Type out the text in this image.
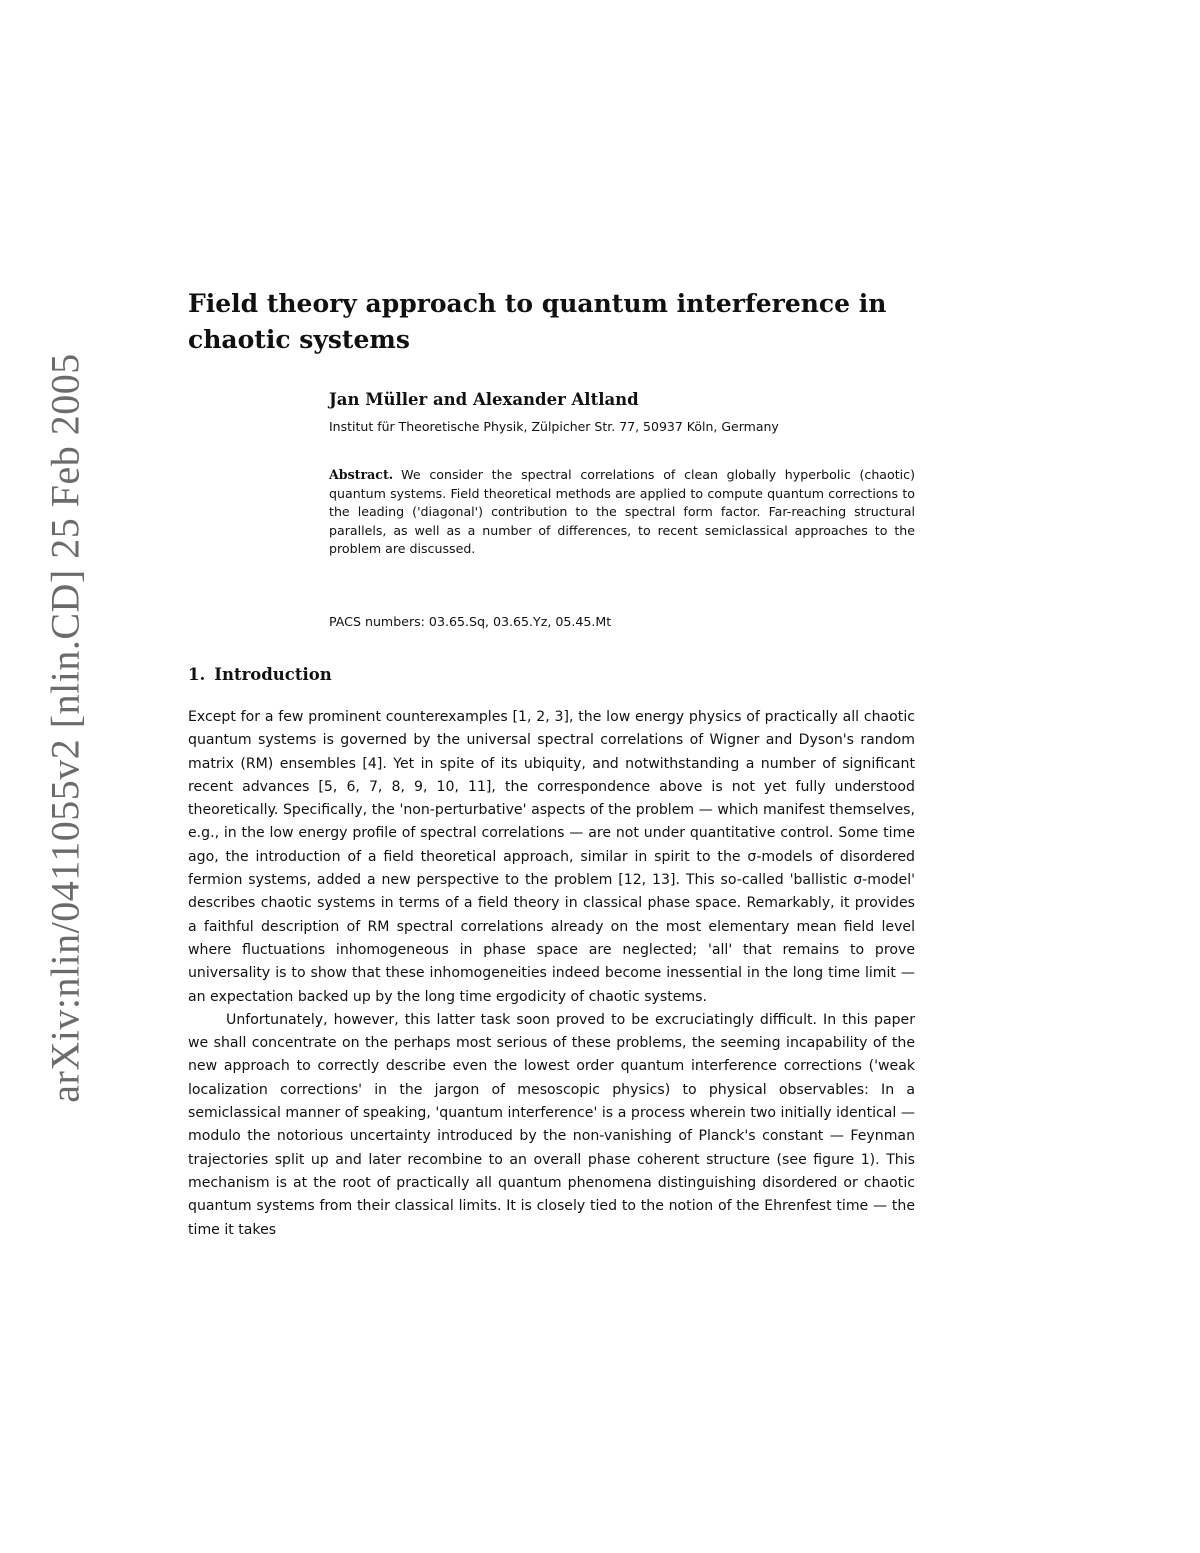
arXiv:nlin/0411055v2 [nlin.CD] 25 Feb 2005
Field theory approach to quantum interference in chaotic systems
Jan Müller and Alexander Altland
Institut für Theoretische Physik, Zülpicher Str. 77, 50937 Köln, Germany
Abstract. We consider the spectral correlations of clean globally hyperbolic (chaotic) quantum systems. Field theoretical methods are applied to compute quantum corrections to the leading ('diagonal') contribution to the spectral form factor. Far-reaching structural parallels, as well as a number of differences, to recent semiclassical approaches to the problem are discussed.
PACS numbers: 03.65.Sq, 03.65.Yz, 05.45.Mt
1. Introduction

Except for a few prominent counterexamples [1, 2, 3], the low energy physics of practically all chaotic quantum systems is governed by the universal spectral correlations of Wigner and Dyson's random matrix (RM) ensembles [4]. Yet in spite of its ubiquity, and notwithstanding a number of significant recent advances [5, 6, 7, 8, 9, 10, 11], the correspondence above is not yet fully understood theoretically. Specifically, the 'non-perturbative' aspects of the problem — which manifest themselves, e.g., in the low energy profile of spectral correlations — are not under quantitative control. Some time ago, the introduction of a field theoretical approach, similar in spirit to the σ-models of disordered fermion systems, added a new perspective to the problem [12, 13]. This so-called 'ballistic σ-model' describes chaotic systems in terms of a field theory in classical phase space. Remarkably, it provides a faithful description of RM spectral correlations already on the most elementary mean field level where fluctuations inhomogeneous in phase space are neglected; 'all' that remains to prove universality is to show that these inhomogeneities indeed become inessential in the long time limit — an expectation backed up by the long time ergodicity of chaotic systems.

Unfortunately, however, this latter task soon proved to be excruciatingly difficult. In this paper we shall concentrate on the perhaps most serious of these problems, the seeming incapability of the new approach to correctly describe even the lowest order quantum interference corrections ('weak localization corrections' in the jargon of mesoscopic physics) to physical observables: In a semiclassical manner of speaking, 'quantum interference' is a process wherein two initially identical — modulo the notorious uncertainty introduced by the non-vanishing of Planck's constant — Feynman trajectories split up and later recombine to an overall phase coherent structure (see figure 1). This mechanism is at the root of practically all quantum phenomena distinguishing disordered or chaotic quantum systems from their classical limits. It is closely tied to the notion of the Ehrenfest time — the time it takes
